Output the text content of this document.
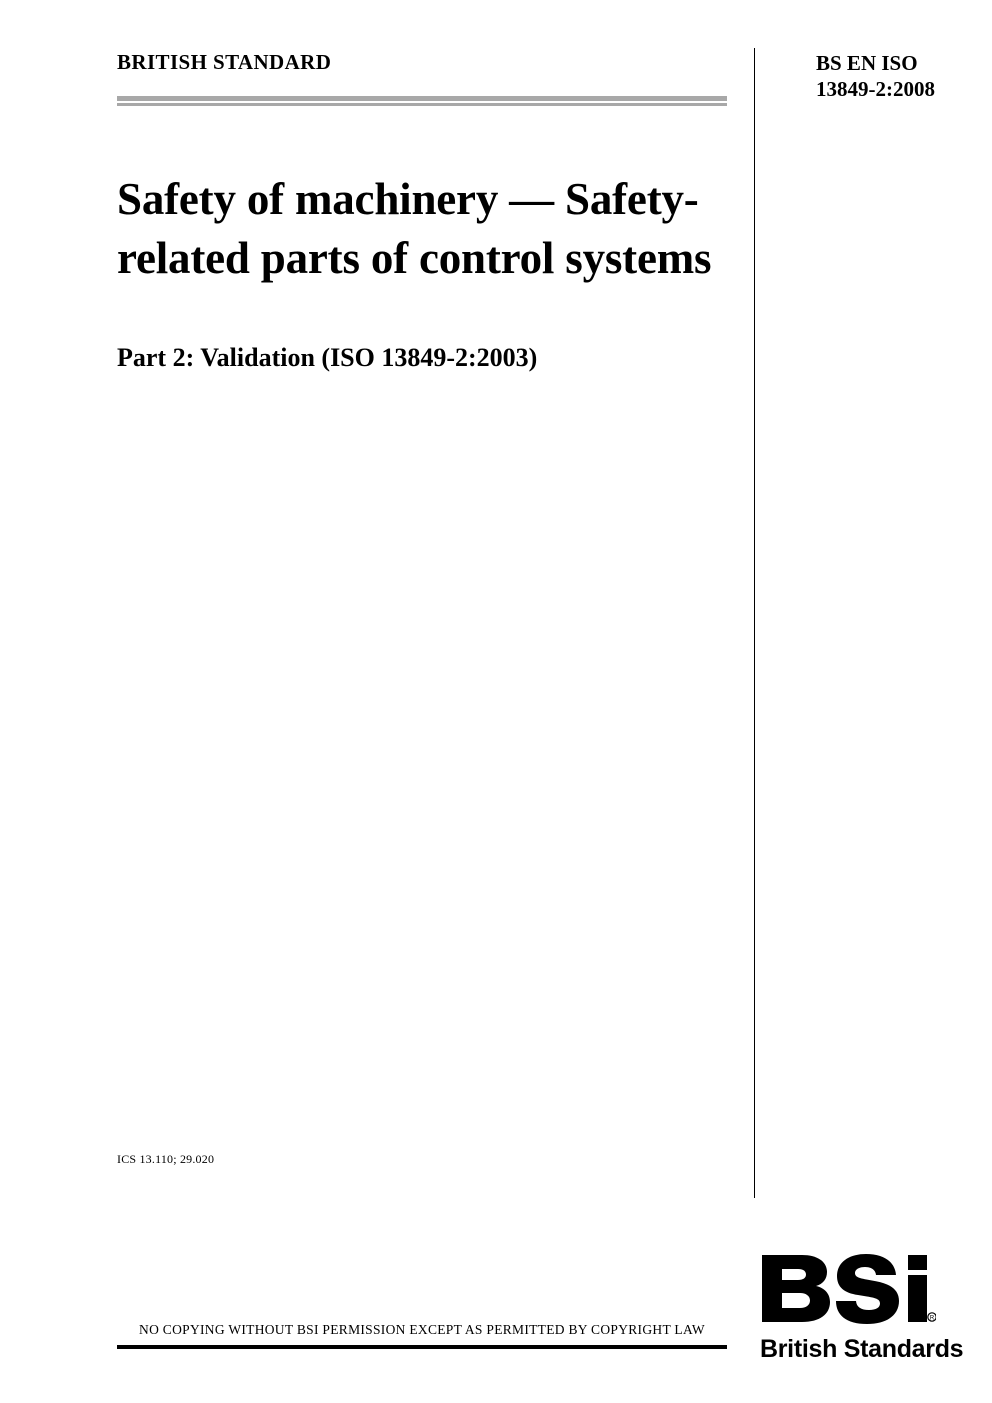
BRITISH STANDARD	BS EN ISO
13849-2:2008
Safety of machinery — Safety-related parts of control systems
Part 2: Validation (ISO 13849-2:2003)
ICS 13.110; 29.020
NO COPYING WITHOUT BSI PERMISSION EXCEPT AS PERMITTED BY COPYRIGHT LAW
R
British Standards
